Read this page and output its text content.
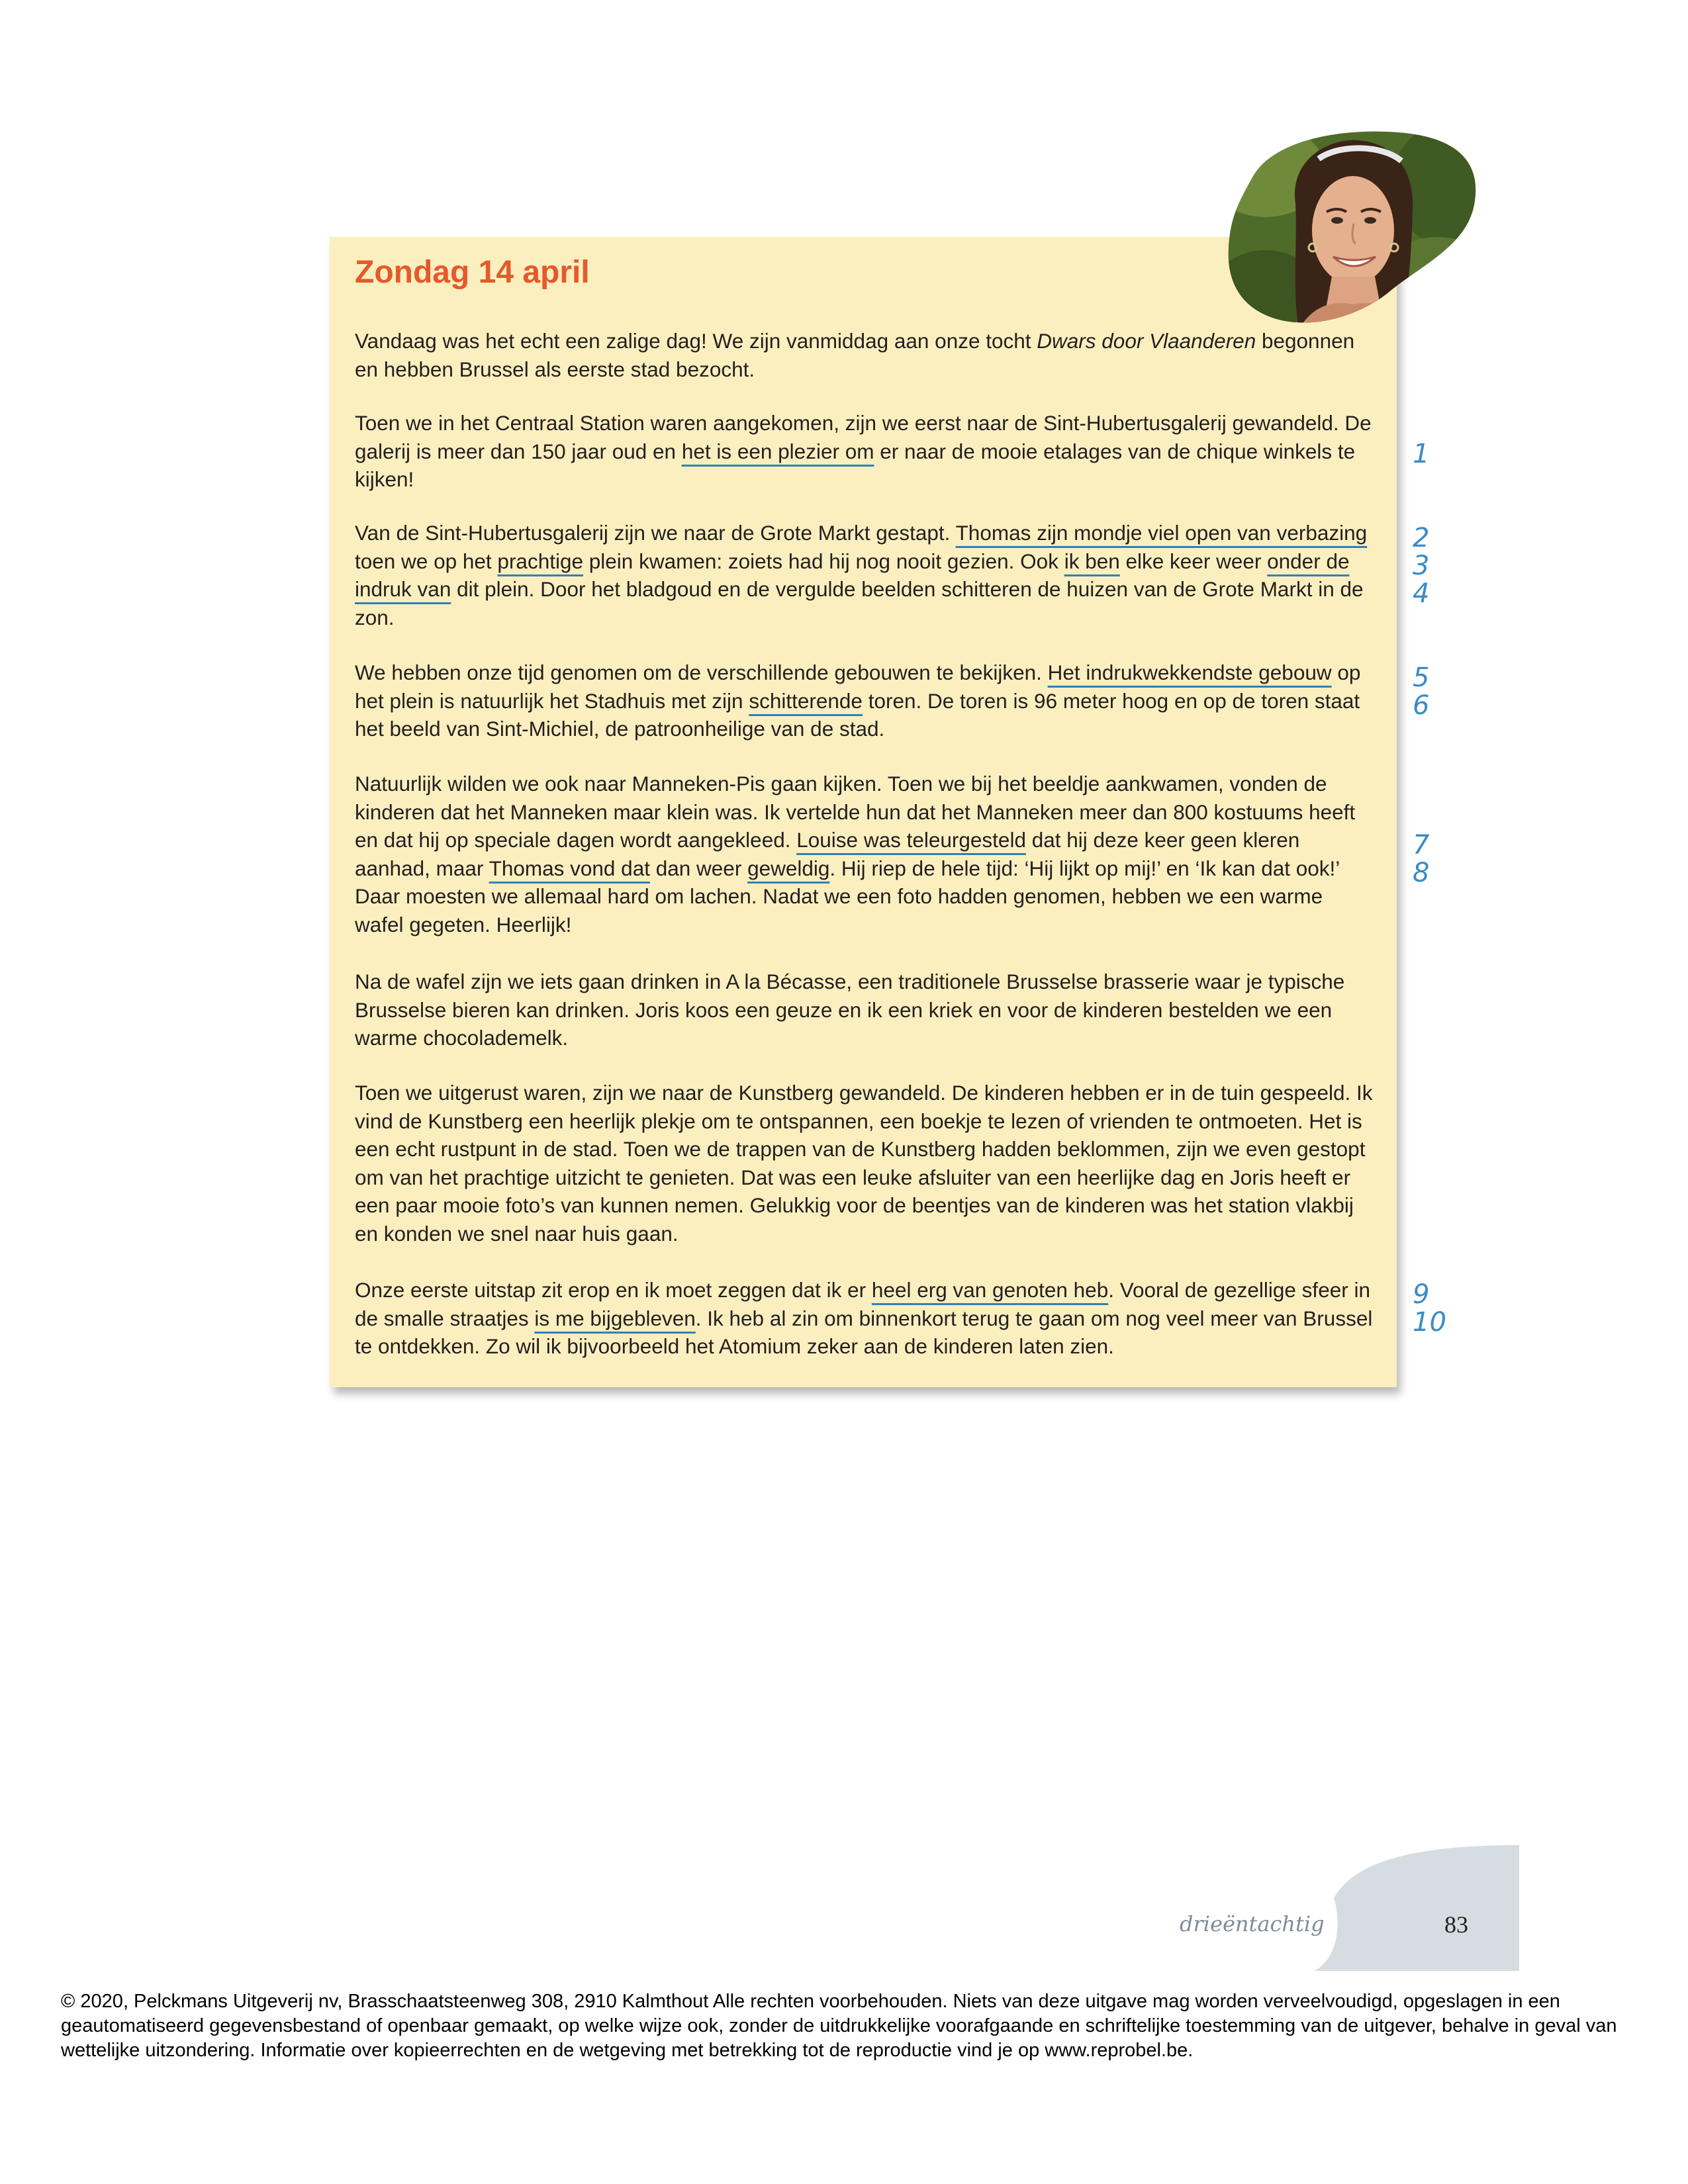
Zondag 14 april

Vandaag was het echt een zalige dag! We zijn vanmiddag aan onze tocht Dwars door Vlaanderen begonnen en hebben Brussel als eerste stad bezocht.

Toen we in het Centraal Station waren aangekomen, zijn we eerst naar de Sint-Hubertusgalerij gewandeld. De galerij is meer dan 150 jaar oud en het is een plezier om er naar de mooie etalages van de chique winkels te kijken!

Van de Sint-Hubertusgalerij zijn we naar de Grote Markt gestapt. Thomas zijn mondje viel open van verbazing toen we op het prachtige plein kwamen: zoiets had hij nog nooit gezien. Ook ik ben elke keer weer onder de indruk van dit plein. Door het bladgoud en de vergulde beelden schitteren de huizen van de Grote Markt in de zon.

We hebben onze tijd genomen om de verschillende gebouwen te bekijken. Het indrukwekkendste gebouw op het plein is natuurlijk het Stadhuis met zijn schitterende toren. De toren is 96 meter hoog en op de toren staat het beeld van Sint-Michiel, de patroonheilige van de stad.

Natuurlijk wilden we ook naar Manneken-Pis gaan kijken. Toen we bij het beeldje aankwamen, vonden de kinderen dat het Manneken maar klein was. Ik vertelde hun dat het Manneken meer dan 800 kostuums heeft en dat hij op speciale dagen wordt aangekleed. Louise was teleurgesteld dat hij deze keer geen kleren aanhad, maar Thomas vond dat dan weer geweldig. Hij riep de hele tijd: ‘Hij lijkt op mij!’ en ‘Ik kan dat ook!’ Daar moesten we allemaal hard om lachen. Nadat we een foto hadden genomen, hebben we een warme wafel gegeten. Heerlijk!

Na de wafel zijn we iets gaan drinken in A la Bécasse, een traditionele Brusselse brasserie waar je typische Brusselse bieren kan drinken. Joris koos een geuze en ik een kriek en voor de kinderen bestelden we een warme chocolademelk.

Toen we uitgerust waren, zijn we naar de Kunstberg gewandeld. De kinderen hebben er in de tuin gespeeld. Ik vind de Kunstberg een heerlijk plekje om te ontspannen, een boekje te lezen of vrienden te ontmoeten. Het is een echt rustpunt in de stad. Toen we de trappen van de Kunstberg hadden beklommen, zijn we even gestopt om van het prachtige uitzicht te genieten. Dat was een leuke afsluiter van een heerlijke dag en Joris heeft er een paar mooie foto’s van kunnen nemen. Gelukkig voor de beentjes van de kinderen was het station vlakbij en konden we snel naar huis gaan.

Onze eerste uitstap zit erop en ik moet zeggen dat ik er heel erg van genoten heb. Vooral de gezellige sfeer in de smalle straatjes is me bijgebleven. Ik heb al zin om binnenkort terug te gaan om nog veel meer van Brussel te ontdekken. Zo wil ik bijvoorbeeld het Atomium zeker aan de kinderen laten zien.

1
2
3
4
5
6
7
8
9
10
drieëntachtig	83

© 2020, Pelckmans Uitgeverij nv, Brasschaatsteenweg 308, 2910 Kalmthout Alle rechten voorbehouden. Niets van deze uitgave mag worden verveelvoudigd, opgeslagen in een geautomatiseerd gegevensbestand of openbaar gemaakt, op welke wijze ook, zonder de uitdrukkelijke voorafgaande en schriftelijke toestemming van de uitgever, behalve in geval van wettelijke uitzondering. Informatie over kopieerrechten en de wetgeving met betrekking tot de reproductie vind je op www.reprobel.be.
